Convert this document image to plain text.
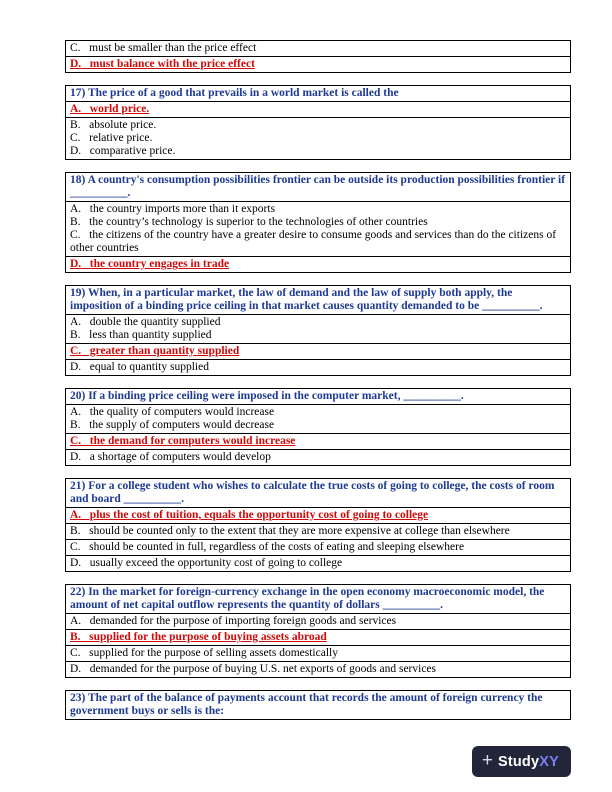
C.   must be smaller than the price effect
D.   must balance with the price effect
17) The price of a good that prevails in a world market is called the
A.   world price.
B.   absolute price.
C.   relative price.
D.   comparative price.
18) A country's consumption possibilities frontier can be outside its production possibilities frontier if __________.
A.   the country imports more than it exports
B.   the country’s technology is superior to the technologies of other countries
C.   the citizens of the country have a greater desire to consume goods and services than do the citizens of other countries
D.   the country engages in trade
19) When, in a particular market, the law of demand and the law of supply both apply, the imposition of a binding price ceiling in that market causes quantity demanded to be __________.
A.   double the quantity supplied
B.   less than quantity supplied
C.   greater than quantity supplied
D.   equal to quantity supplied
20) If a binding price ceiling were imposed in the computer market, __________.
A.   the quality of computers would increase
B.   the supply of computers would decrease
C.   the demand for computers would increase
D.   a shortage of computers would develop
21) For a college student who wishes to calculate the true costs of going to college, the costs of room and board __________.
A.   plus the cost of tuition, equals the opportunity cost of going to college
B.   should be counted only to the extent that they are more expensive at college than elsewhere
C.   should be counted in full, regardless of the costs of eating and sleeping elsewhere
D.   usually exceed the opportunity cost of going to college
22) In the market for foreign-currency exchange in the open economy macroeconomic model, the amount of net capital outflow represents the quantity of dollars __________.
A.   demanded for the purpose of importing foreign goods and services
B.   supplied for the purpose of buying assets abroad
C.   supplied for the purpose of selling assets domestically
D.   demanded for the purpose of buying U.S. net exports of goods and services
23) The part of the balance of payments account that records the amount of foreign currency the government buys or sells is the:
+ Study XY
